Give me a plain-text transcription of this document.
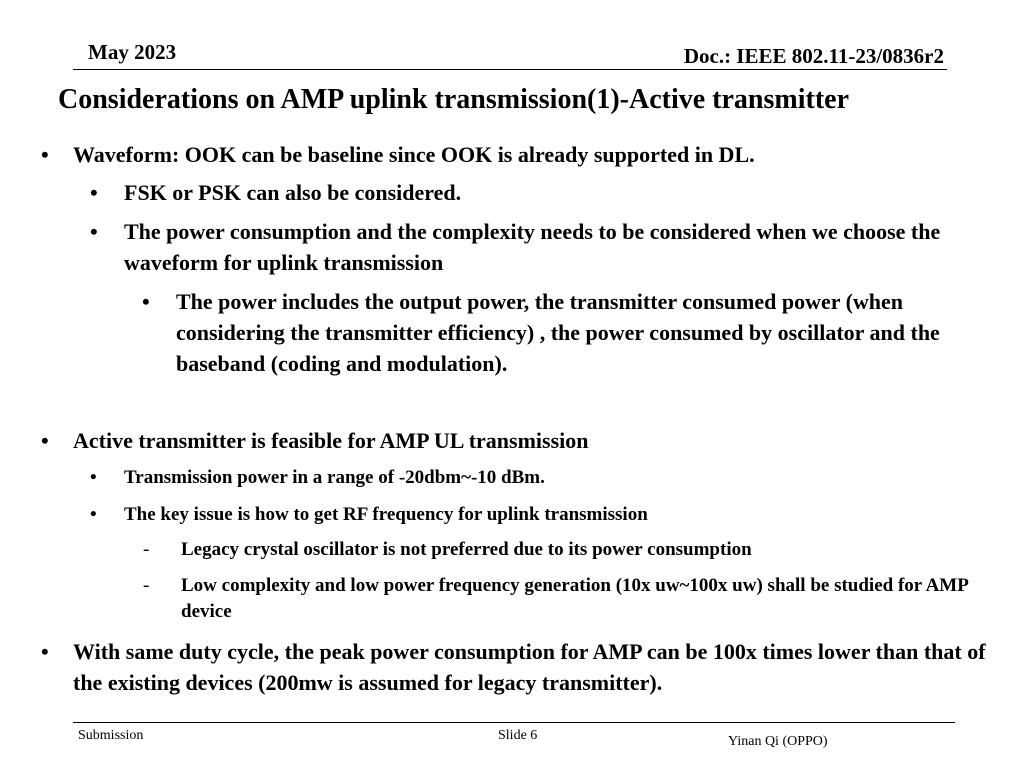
May 2023	Doc.: IEEE 802.11-23/0836r2
Considerations on AMP uplink transmission(1)-Active transmitter
• Waveform: OOK can be baseline since OOK is already supported in DL.
• FSK or PSK can also be considered.
• The power consumption and the complexity needs to be considered when we choose the waveform for uplink transmission
• The power includes the output power, the transmitter consumed power (when considering the transmitter efficiency) , the power consumed by oscillator and the baseband (coding and modulation).
• Active transmitter is feasible for AMP UL transmission
• Transmission power in a range of -20dbm~-10 dBm.
• The key issue is how to get RF frequency for uplink transmission
- Legacy crystal oscillator is not preferred due to its power consumption
- Low complexity and low power frequency generation (10x uw~100x uw) shall be studied for AMP device
• With same duty cycle, the peak power consumption for AMP can be 100x times lower than that of the existing devices (200mw is assumed for legacy transmitter).
Submission	Slide 6	Yinan Qi (OPPO)
